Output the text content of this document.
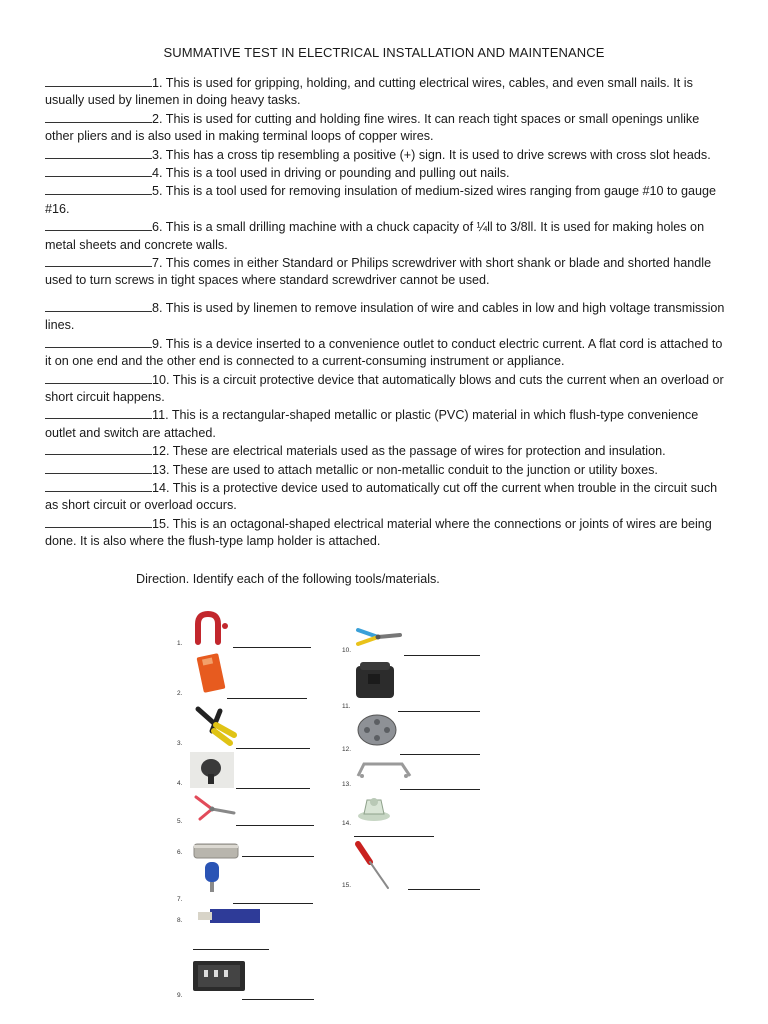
SUMMATIVE TEST IN ELECTRICAL INSTALLATION AND MAINTENANCE

1. This is used for gripping, holding, and cutting electrical wires, cables, and even small nails. It is usually used by linemen in doing heavy tasks.

2. This is used for cutting and holding fine wires. It can reach tight spaces or small openings unlike other pliers and is also used in making terminal loops of copper wires.

3. This has a cross tip resembling a positive (+) sign. It is used to drive screws with cross slot heads.

4. This is a tool used in driving or pounding and pulling out nails.

5. This is a tool used for removing insulation of medium-sized wires ranging from gauge #10 to gauge #16.

6. This is a small drilling machine with a chuck capacity of ¼ll to 3/8ll. It is used for making holes on metal sheets and concrete walls.

7. This comes in either Standard or Philips screwdriver with short shank or blade and shorted handle used to turn screws in tight spaces where standard screwdriver cannot be used.

8. This is used by linemen to remove insulation of wire and cables in low and high voltage transmission lines.

9. This is a device inserted to a convenience outlet to conduct electric current. A flat cord is attached to it on one end and the other end is connected to a current-consuming instrument or appliance.

10. This is a circuit protective device that automatically blows and cuts the current when an overload or short circuit happens.

11. This is a rectangular-shaped metallic or plastic (PVC) material in which flush-type convenience outlet and switch are attached.

12. These are electrical materials used as the passage of wires for protection and insulation.

13. These are used to attach metallic or non-metallic conduit to the junction or utility boxes.

14. This is a protective device used to automatically cut off the current when trouble in the circuit such as short circuit or overload occurs.

15. This is an octagonal-shaped electrical material where the connections or joints of wires are being done. It is also where the flush-type lamp holder is attached.

Direction. Identify each of the following tools/materials.
1.
2.
3.
4.
5.
6.
7.
8.
9.
10.
11.
12.
13.
14.
15.
